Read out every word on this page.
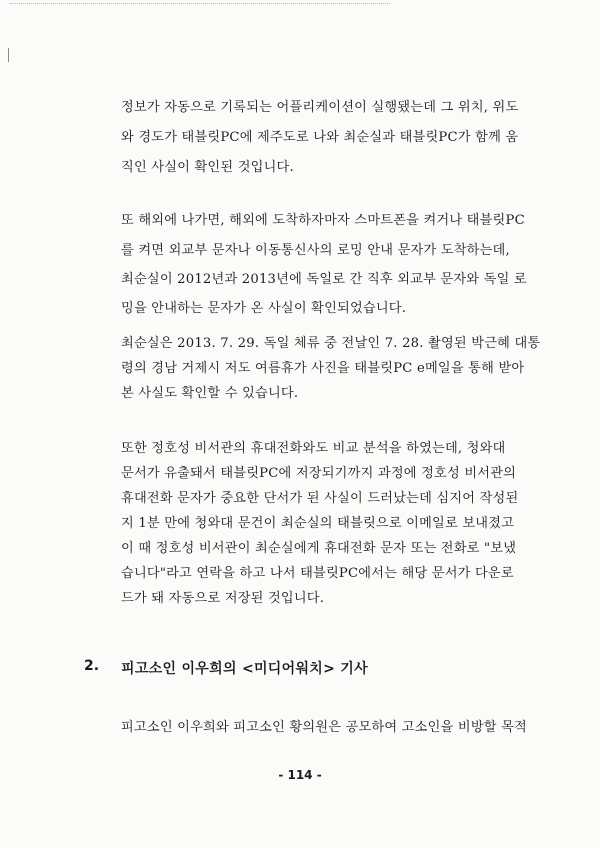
정보가 자동으로 기록되는 어플리케이션이 실행됐는데 그 위치, 위도
와 경도가 태블릿PC에 제주도로 나와 최순실과 태블릿PC가 함께 움
직인 사실이 확인된 것입니다.
또 해외에 나가면, 해외에 도착하자마자 스마트폰을 켜거나 태블릿PC
를 켜면 외교부 문자나 이동통신사의 로밍 안내 문자가 도착하는데,
최순실이 2012년과 2013년에 독일로 간 직후 외교부 문자와 독일 로
밍을 안내하는 문자가 온 사실이 확인되었습니다.
최순실은 2013. 7. 29. 독일 체류 중 전날인 7. 28. 촬영된 박근혜 대통
령의 경남 거제시 저도 여름휴가 사진을 태블릿PC e메일을 통해 받아
본 사실도 확인할 수 있습니다.
또한 정호성 비서관의 휴대전화와도 비교 분석을 하였는데, 청와대
문서가 유출돼서 태블릿PC에 저장되기까지 과정에 정호성 비서관의
휴대전화 문자가 중요한 단서가 된 사실이 드러났는데 심지어 작성된
지 1분 만에 청와대 문건이 최순실의 태블릿으로 이메일로 보내졌고
이 때 정호성 비서관이 최순실에게 휴대전화 문자 또는 전화로 "보냈
습니다"라고 연락을 하고 나서 태블릿PC에서는 해당 문서가 다운로
드가 돼 자동으로 저장된 것입니다.
2. 피고소인 이우희의 <미디어워치> 기사
피고소인 이우희와 피고소인 황의원은 공모하여 고소인을 비방할 목적
- 114 -
